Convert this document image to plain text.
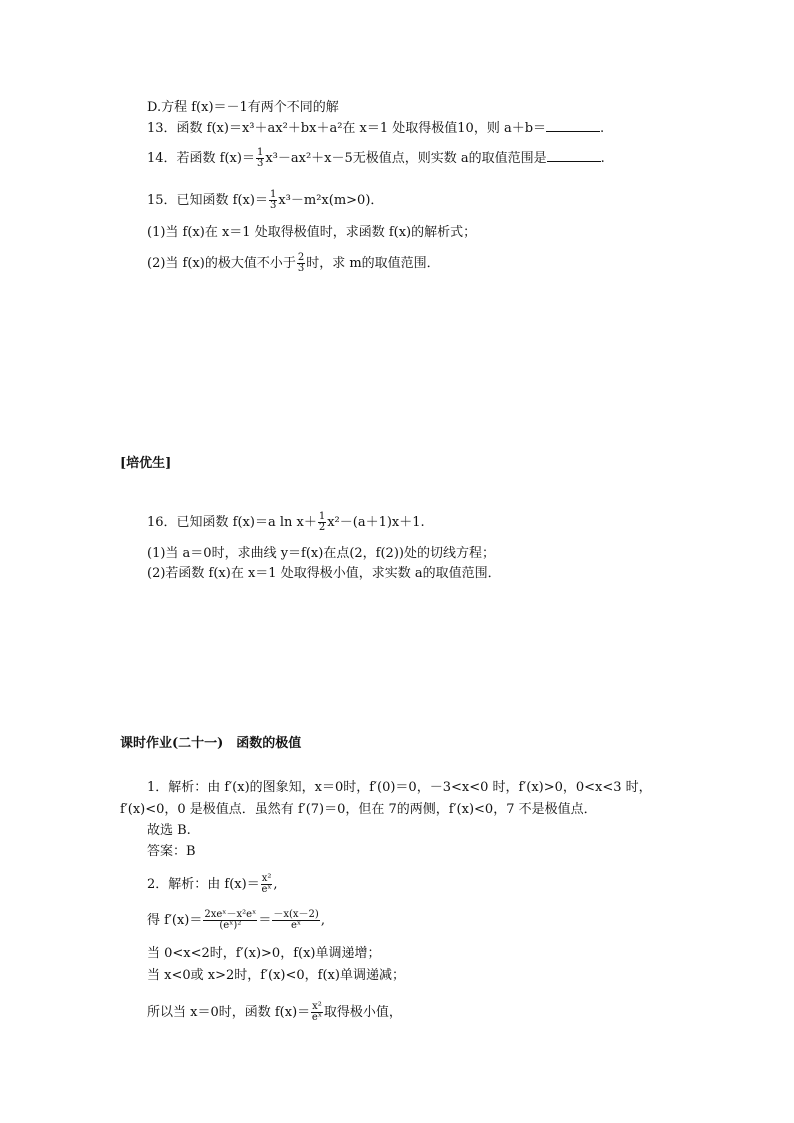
D.方程 f(x)＝－1有两个不同的解
13．函数 f(x)＝x³＋ax²＋bx＋a²在 x＝1 处取得极值10，则 a＋b＝	.
14．若函数 $f(x)= \frac{1}{3} x^3-ax^2+x-5$无极值点，则实数 a的取值范围是	.
15．已知函数 $f(x)= \frac{1}{3} x^3-m^2x(m>0)$．
(1)当 f(x)在 x＝1 处取得极值时，求函数 f(x)的解析式；
(2)当 f(x)的极大值不小于 $\frac{2}{3}$ 时，求 m的取值范围．
[培优生]
16．已知函数 f(x)＝a $\ln x+ \frac{1}{2} x^2-(a+1)x+1$.
(1)当 a＝0时，求曲线 y＝f(x)在点(2，f(2))处的切线方程；
(2)若函数 f(x)在 x＝1 处取得极小值，求实数 a的取值范围．
课时作业(二十一)　函数的极值
1．解析：由 f′(x)的图象知，x＝0时，f′(0)＝0，－3<x<0 时，f′(x)>0，0<x<3 时，
f′(x)<0，0 是极值点．虽然有 f′(7)＝0，但在 7的两侧，f′(x)<0，7 不是极值点．
故选 B.
答案：B
2．解析：由 $f(x)= \frac{\text{x²}}{\text{eˣ}}$ ,
得 $f'(x)= \frac{\text{2xeˣ－x²eˣ}}{\text{(eˣ)²}} = \frac{-x(x-2)}{\text{eˣ}}$ ,
当 0<x<2时，f′(x)>0，f(x)单调递增；
当 x<0或 x>2时，f′(x)<0，f(x)单调递减；
所以当 x＝0时，函数 $f(x)= \frac{\text{x²}}{\text{eˣ}}$ 取得极小值，
